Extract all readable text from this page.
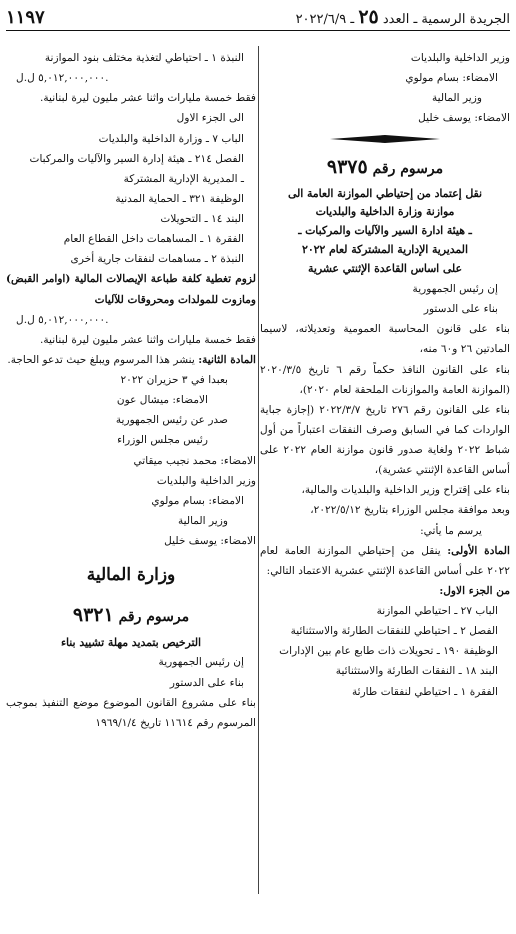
الجريدة الرسمية ـ العدد ٢٥ ـ ٢٠٢٢/٦/٩
١١٩٧
وزير الداخلية والبلديات
الامضاء: بسام مولوي
وزير المالية
الامضاء: يوسف خليل
مرسوم رقم ٩٣٧٥
نقل إعتماد من إحتياطي الموازنة العامة الى
موازنة وزارة الداخلية والبلديات
ـ هيئة ادارة السير والآليات والمركبات ـ
المديرية الإدارية المشتركة لعام ٢٠٢٢
على اساس القاعدة الإثنتي عشرية
إن رئيس الجمهورية
بناء على الدستور
بناء على قانون المحاسبة العمومية وتعديلاته، لاسيما المادتين ٢٦ و٦٠ منه،
بناء على القانون النافذ حكماً رقم ٦ تاريخ ٢٠٢٠/٣/٥ (الموازنة العامة والموازنات الملحقة لعام ٢٠٢٠)،
بناء على القانون رقم ٢٧٦ تاريخ ٢٠٢٢/٣/٧ (إجازة جباية الواردات كما في السابق وصرف النفقات اعتباراً من أول شباط ٢٠٢٢ ولغاية صدور قانون موازنة العام ٢٠٢٢ على أساس القاعدة الإثنتي عشرية)،
بناء على إقتراح وزير الداخلية والبلديات والمالية،
وبعد موافقة مجلس الوزراء بتاريخ ٢٠٢٢/٥/١٢،
يرسم ما يأتي:
المادة الأولى: ينقل من إحتياطي الموازنة العامة لعام ٢٠٢٢ على أساس القاعدة الإثنتي عشرية الاعتماد التالي:
من الجزء الاول:
الباب ٢٧ ـ احتياطي الموازنة
الفصل ٢ ـ احتياطي للنفقات الطارئة والاستثنائية
الوظيفة ١٩٠ ـ تحويلات ذات طابع عام بين الإدارات
البند ١٨ ـ النفقات الطارئة والاستثنائية
الفقرة ١ ـ احتياطي لنفقات طارئة
النبذة ١ ـ احتياطي لتغذية مختلف بنود الموازنة
٥,٠١٢,٠٠٠,٠٠٠ ل.ل.
فقط خمسة مليارات واثنا عشر مليون ليرة لبنانية.
الى الجزء الاول
الباب ٧ ـ وزارة الداخلية والبلديات
الفصل ٢١٤ ـ هيئة إدارة السير والآليات والمركبات
ـ المديرية الإدارية المشتركة
الوظيفة ٣٢١ ـ الحماية المدنية
البند ١٤ ـ التحويلات
الفقرة ١ ـ المساهمات داخل القطاع العام
النبذة ٢ ـ مساهمات لنفقات جارية أخرى
لزوم تغطية كلفة طباعة الإيصالات المالية (اوامر القبض) ومازوت للمولدات ومحروقات للآليات
٥,٠١٢,٠٠٠,٠٠٠ ل.ل.
فقط خمسة مليارات واثنا عشر مليون ليرة لبنانية.
المادة الثانية: ينشر هذا المرسوم ويبلغ حيث تدعو الحاجة.
بعبدا في ٣ حزيران ٢٠٢٢
الامضاء: ميشال عون
صدر عن رئيس الجمهورية
رئيس مجلس الوزراء
الامضاء: محمد نجيب ميقاتي
وزير الداخلية والبلديات
الامضاء: بسام مولوي
وزير المالية
الامضاء: يوسف خليل
وزارة المالية
مرسوم رقم ٩٣٢١
الترخيص بتمديد مهلة تشييد بناء
إن رئيس الجمهورية
بناء على الدستور
بناء على مشروع القانون الموضوع موضع التنفيذ بموجب المرسوم رقم ١١٦١٤ تاريخ ١٩٦٩/١/٤
